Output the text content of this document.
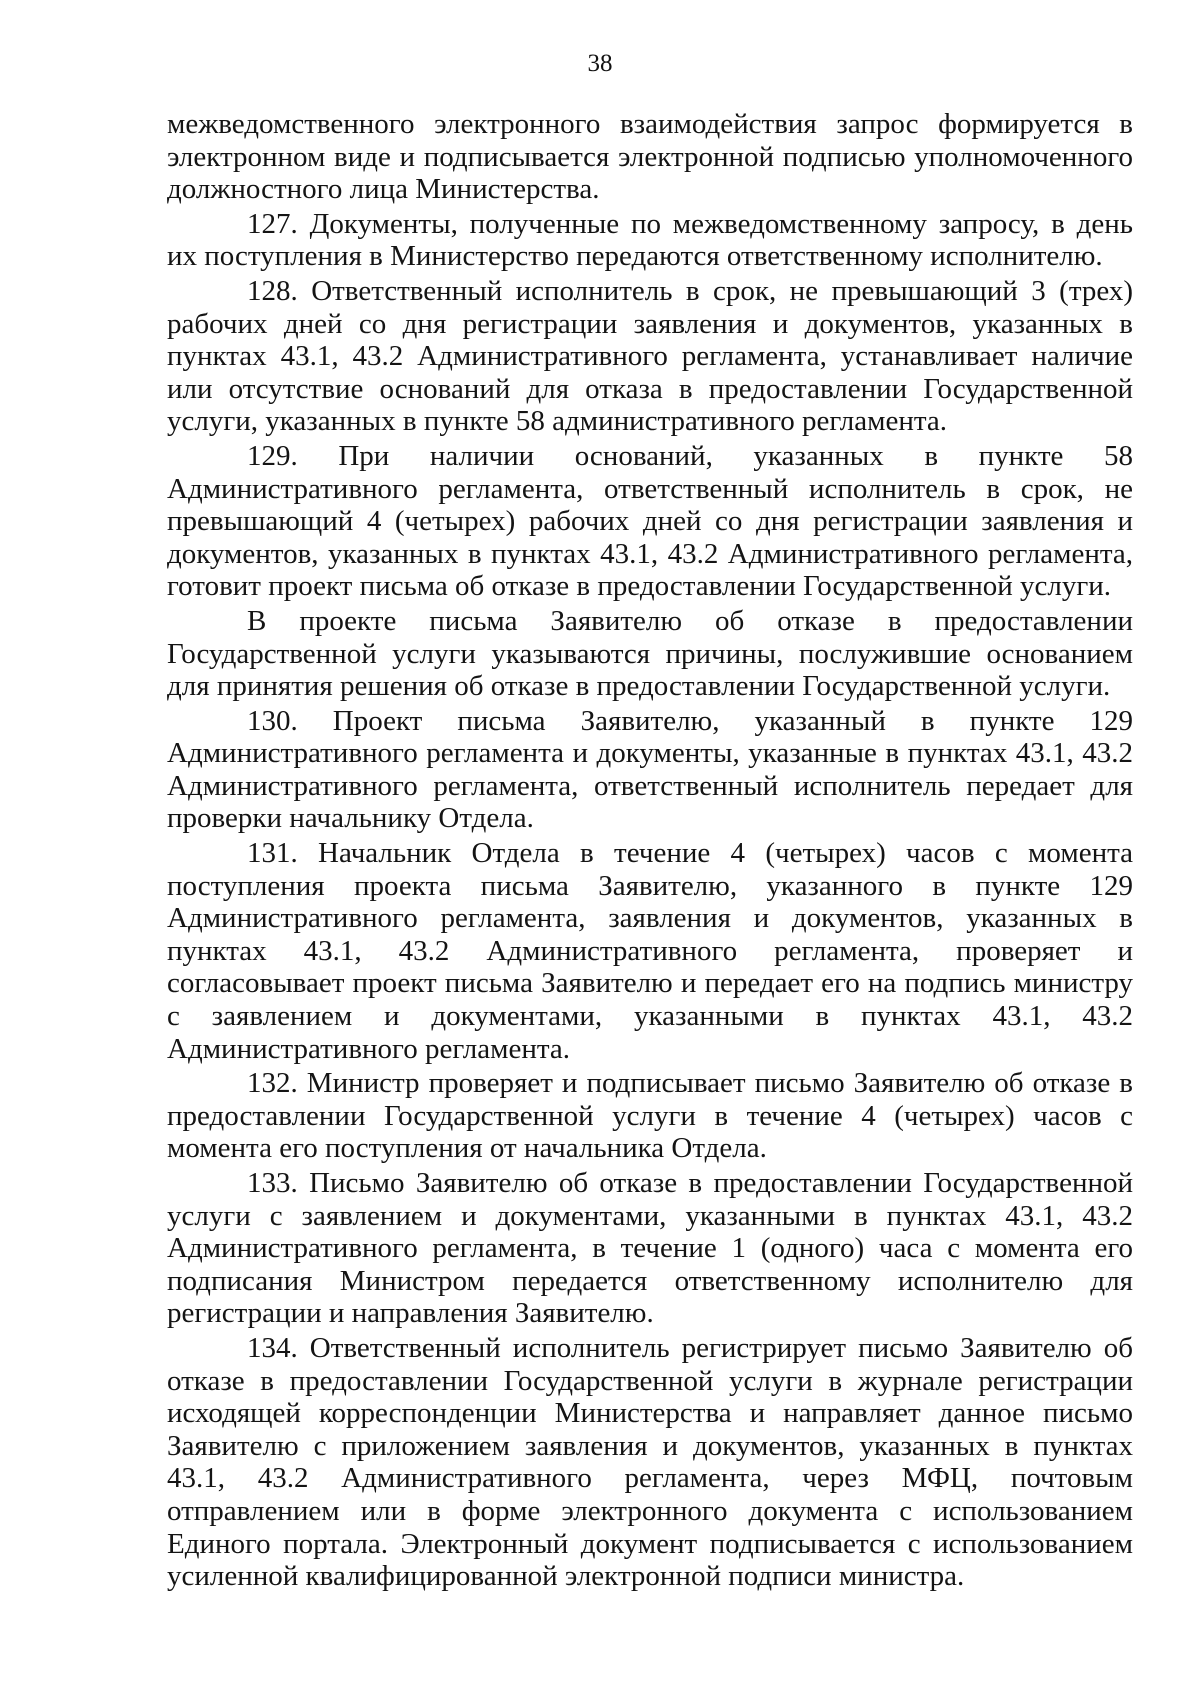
38

межведомственного электронного взаимодействия запрос формируется в электронном виде и подписывается электронной подписью уполномоченного должностного лица Министерства.

127. Документы, полученные по межведомственному запросу, в день их поступления в Министерство передаются ответственному исполнителю.

128. Ответственный исполнитель в срок, не превышающий 3 (трех) рабочих дней со дня регистрации заявления и документов, указанных в пунктах 43.1, 43.2 Административного регламента, устанавливает наличие или отсутствие оснований для отказа в предоставлении Государственной услуги, указанных в пункте 58 административного регламента.

129. При наличии оснований, указанных в пункте 58 Административного регламента, ответственный исполнитель в срок, не превышающий 4 (четырех) рабочих дней со дня регистрации заявления и документов, указанных в пунктах 43.1, 43.2 Административного регламента, готовит проект письма об отказе в предоставлении Государственной услуги.

В проекте письма Заявителю об отказе в предоставлении Государственной услуги указываются причины, послужившие основанием для принятия решения об отказе в предоставлении Государственной услуги.

130. Проект письма Заявителю, указанный в пункте 129 Административного регламента и документы, указанные в пунктах 43.1, 43.2 Административного регламента, ответственный исполнитель передает для проверки начальнику Отдела.

131. Начальник Отдела в течение 4 (четырех) часов с момента поступления проекта письма Заявителю, указанного в пункте 129 Административного регламента, заявления и документов, указанных в пунктах 43.1, 43.2 Административного регламента, проверяет и согласовывает проект письма Заявителю и передает его на подпись министру с заявлением и документами, указанными в пунктах 43.1, 43.2 Административного регламента.

132. Министр проверяет и подписывает письмо Заявителю об отказе в предоставлении Государственной услуги в течение 4 (четырех) часов с момента его поступления от начальника Отдела.

133. Письмо Заявителю об отказе в предоставлении Государственной услуги с заявлением и документами, указанными в пунктах 43.1, 43.2 Административного регламента, в течение 1 (одного) часа с момента его подписания Министром передается ответственному исполнителю для регистрации и направления Заявителю.

134. Ответственный исполнитель регистрирует письмо Заявителю об отказе в предоставлении Государственной услуги в журнале регистрации исходящей корреспонденции Министерства и направляет данное письмо Заявителю с приложением заявления и документов, указанных в пунктах 43.1, 43.2 Административного регламента, через МФЦ, почтовым отправлением или в форме электронного документа с использованием Единого портала. Электронный документ подписывается с использованием усиленной квалифицированной электронной подписи министра.
